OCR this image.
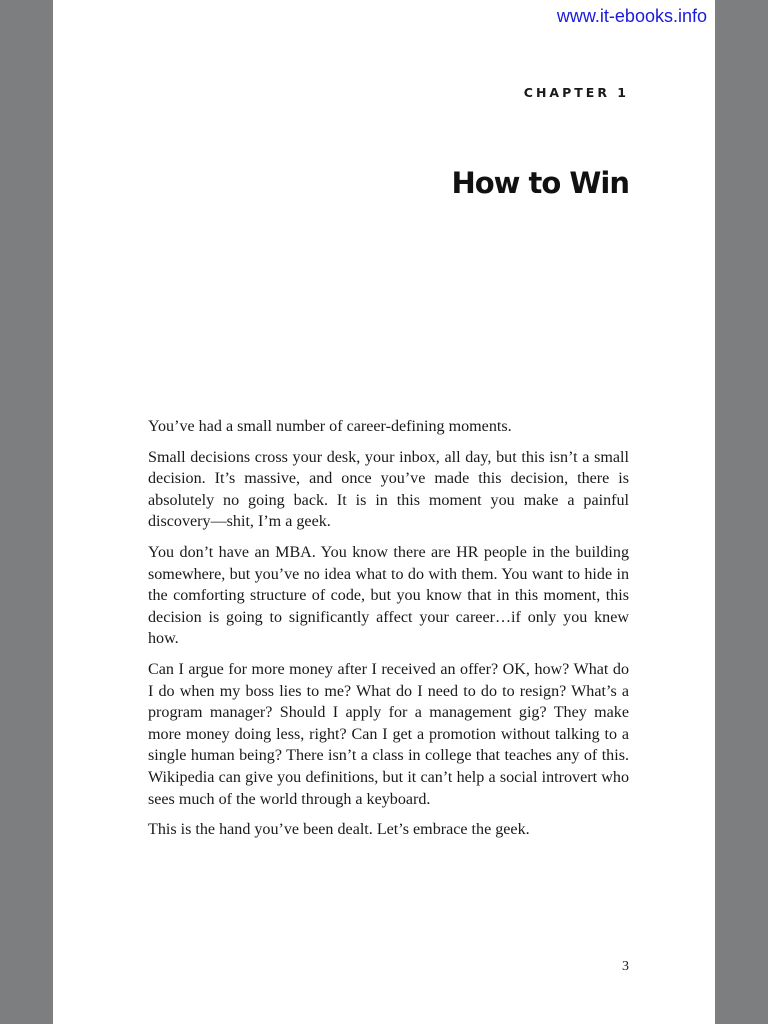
www.it-ebooks.info
CHAPTER 1
How to Win

You’ve had a small number of career-defining moments.

Small decisions cross your desk, your inbox, all day, but this isn’t a small decision. It’s massive, and once you’ve made this decision, there is absolutely no going back. It is in this moment you make a painful discovery—shit, I’m a geek.

You don’t have an MBA. You know there are HR people in the building somewhere, but you’ve no idea what to do with them. You want to hide in the comforting structure of code, but you know that in this moment, this decision is going to significantly affect your career…if only you knew how.

Can I argue for more money after I received an offer? OK, how? What do I do when my boss lies to me? What do I need to do to resign? What’s a program manager? Should I apply for a management gig? They make more money doing less, right? Can I get a promotion without talking to a single human being? There isn’t a class in college that teaches any of this. Wikipedia can give you definitions, but it can’t help a social introvert who sees much of the world through a keyboard.

This is the hand you’ve been dealt. Let’s embrace the geek.

3
